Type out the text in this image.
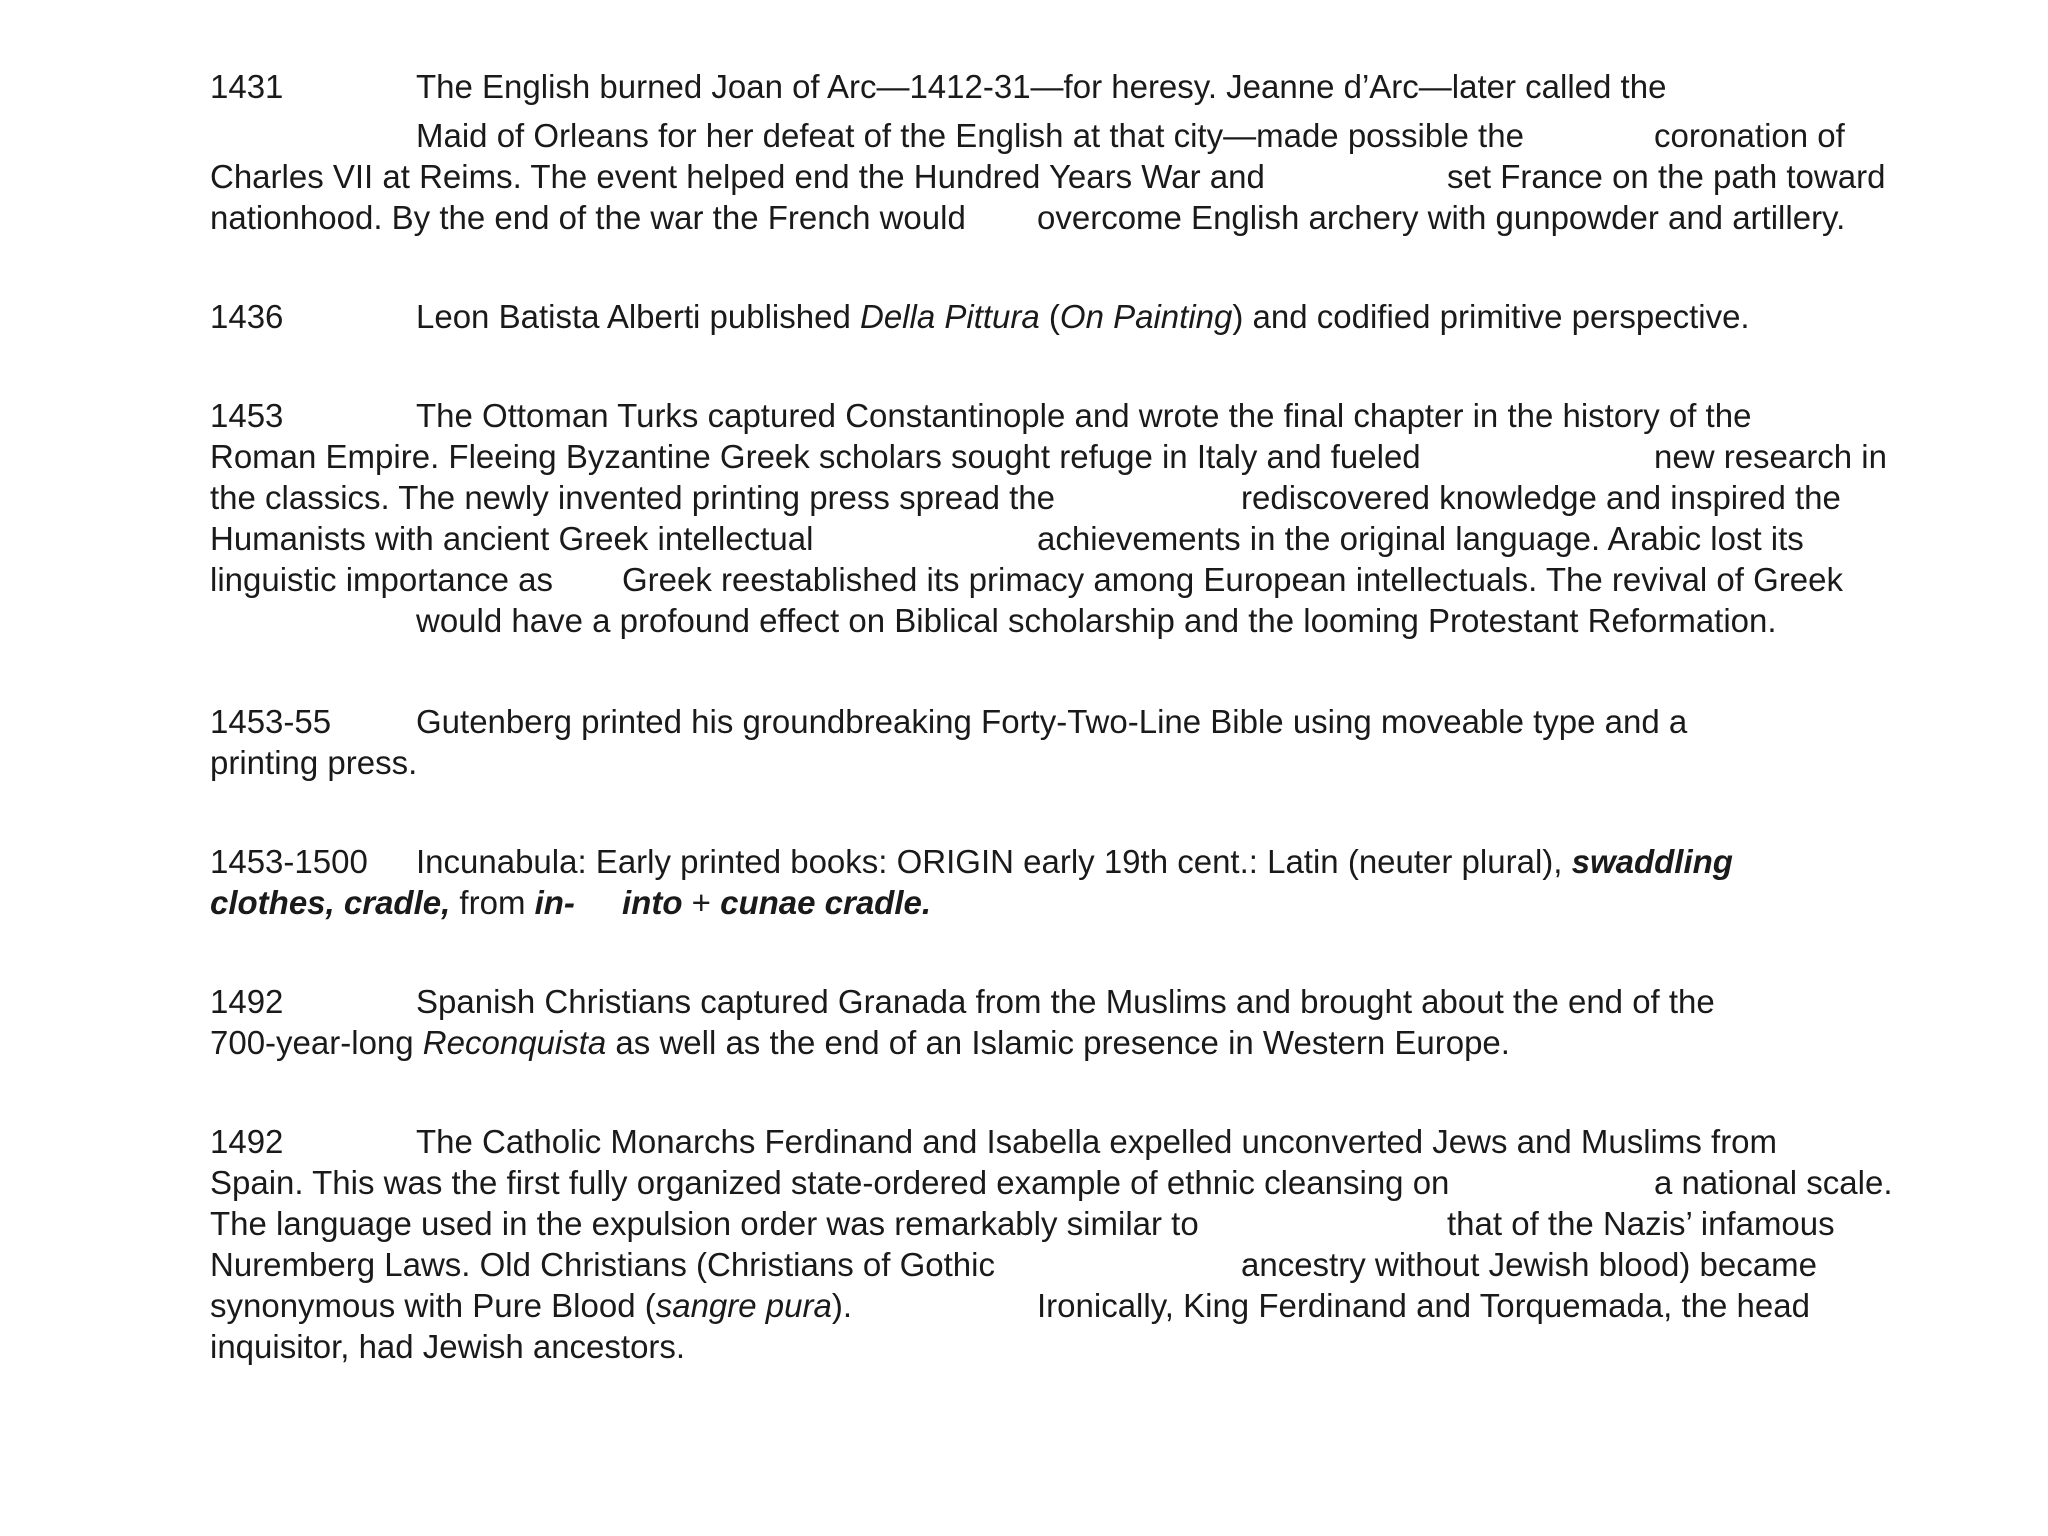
1431	The English burned Joan of Arc—1412-31—for heresy. Jeanne d’Arc—later called the
Maid of Orleans for her defeat of the English at that city—made possible the	coronation of
Charles VII at Reims. The event helped end the Hundred Years War and	set France on the path toward
nationhood. By the end of the war the French would overcome English archery with gunpowder and artillery.
1436	Leon Batista Alberti published Della Pittura (On Painting) and codified primitive perspective.
1453	The Ottoman Turks captured Constantinople and wrote the final chapter in the history of the
Roman Empire. Fleeing Byzantine Greek scholars sought refuge in Italy and fueled	new research in
the classics. The newly invented printing press spread the	rediscovered knowledge and inspired the
Humanists with ancient Greek intellectual	achievements in the original language. Arabic lost its
linguistic importance as Greek reestablished its primacy among European intellectuals. The revival of Greek
would have a profound effect on Biblical scholarship and the looming Protestant Reformation.
1453-55	Gutenberg printed his groundbreaking Forty-Two-Line Bible using moveable type and a
printing press.
1453-1500 Incunabula: Early printed books: ORIGIN early 19th cent.: Latin (neuter plural), swaddling
clothes, cradle, from in- into + cunae cradle.
1492	Spanish Christians captured Granada from the Muslims and brought about the end of the
700-year-long Reconquista as well as the end of an Islamic presence in Western Europe.
1492	The Catholic Monarchs Ferdinand and Isabella expelled unconverted Jews and Muslims from
Spain. This was the first fully organized state-ordered example of ethnic cleansing on	a national scale.
The language used in the expulsion order was remarkably similar to	that of the Nazis’ infamous
Nuremberg Laws. Old Christians (Christians of Gothic	ancestry without Jewish blood) became
synonymous with Pure Blood (sangre pura).	Ironically, King Ferdinand and Torquemada, the head
inquisitor, had Jewish ancestors.
